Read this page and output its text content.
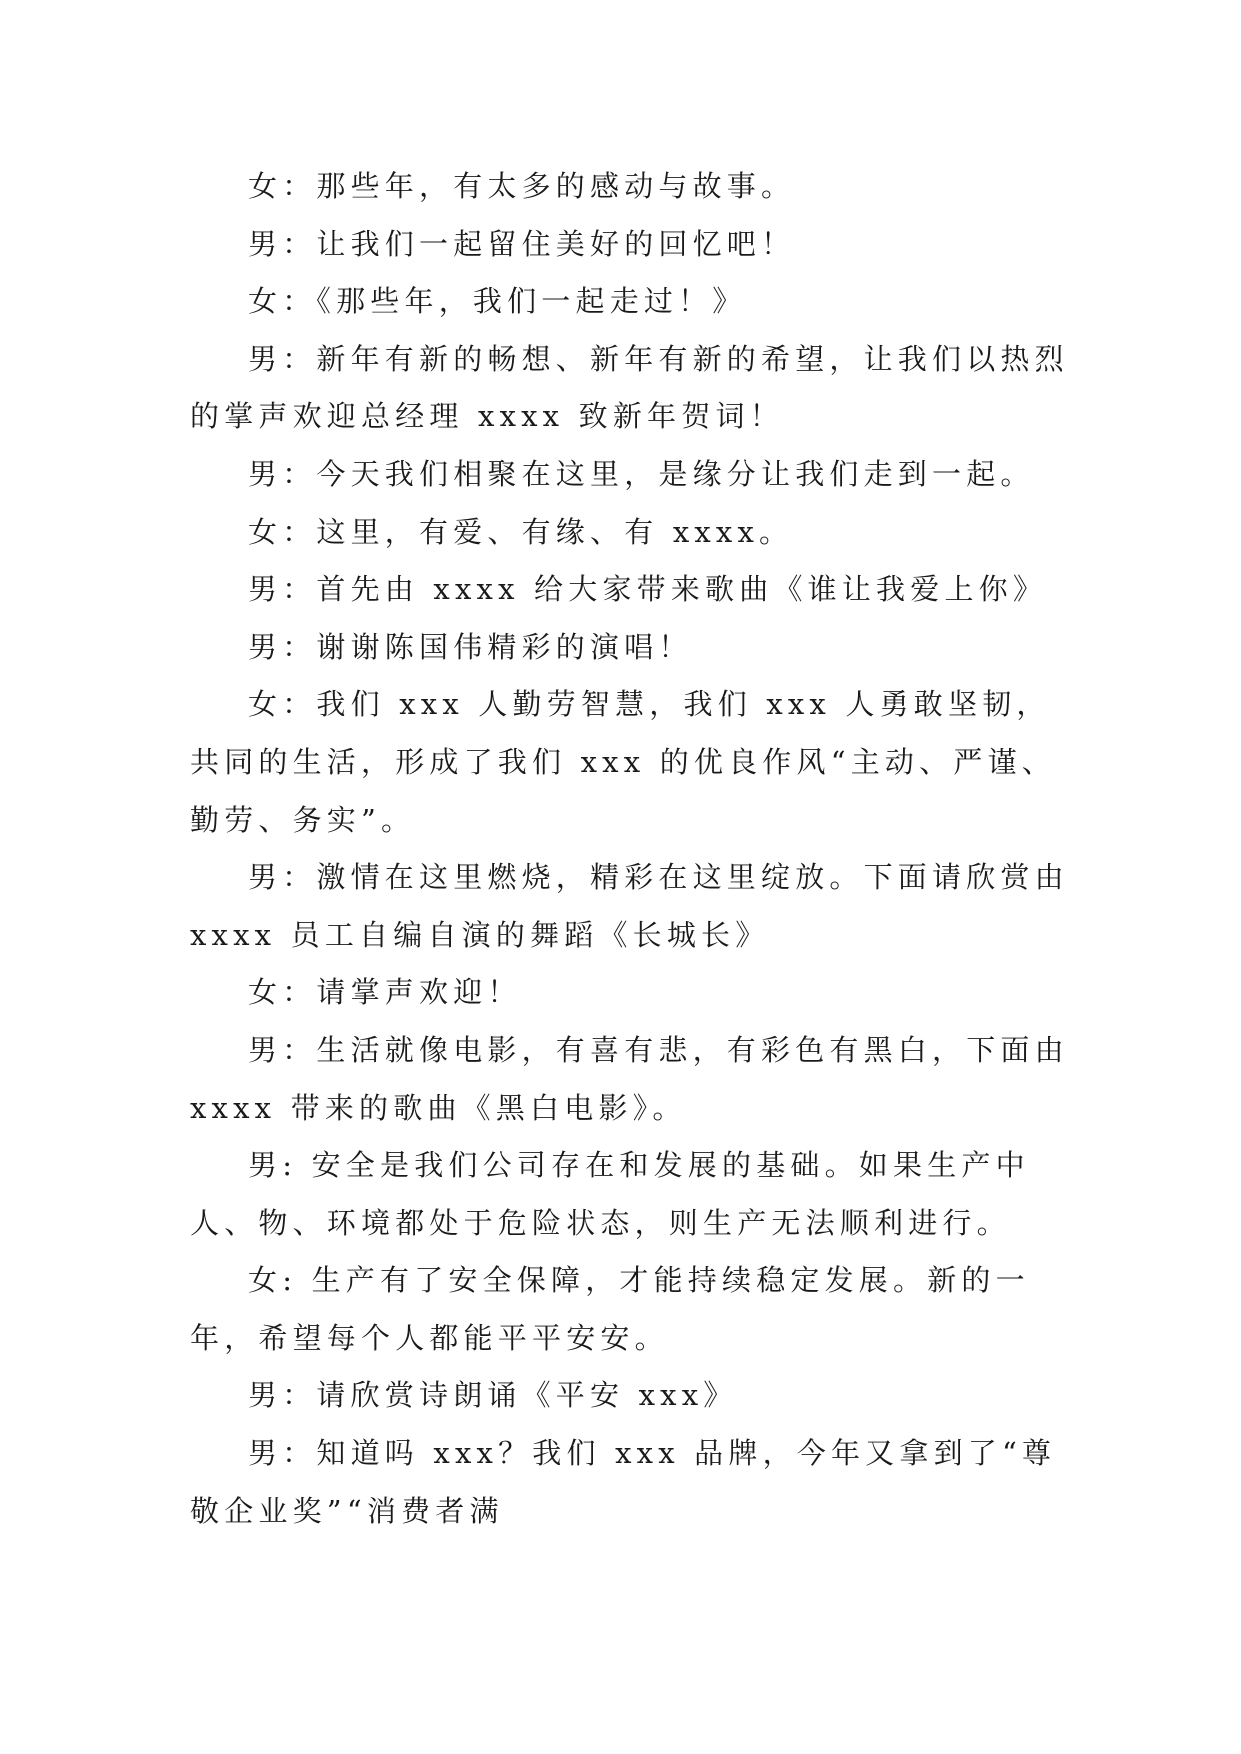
女：那些年，有太多的感动与故事。

男：让我们一起留住美好的回忆吧！

女：《那些年，我们一起走过！》

男：新年有新的畅想、新年有新的希望，让我们以热烈的掌声欢迎总经理 xxxx 致新年贺词！

男：今天我们相聚在这里，是缘分让我们走到一起。

女：这里，有爱、有缘、有 xxxx。

男：首先由 xxxx 给大家带来歌曲《谁让我爱上你》

男：谢谢陈国伟精彩的演唱！

女：我们 xxx 人勤劳智慧，我们 xxx 人勇敢坚韧，共同的生活，形成了我们 xxx 的优良作风“主动、严谨、勤劳、务实”。

男：激情在这里燃烧，精彩在这里绽放。下面请欣赏由 xxxx 员工自编自演的舞蹈《长城长》

女：请掌声欢迎！

男：生活就像电影，有喜有悲，有彩色有黑白，下面由 xxxx 带来的歌曲《黑白电影》。

男: 安全是我们公司存在和发展的基础。如果生产中人、物、环境都处于危险状态，则生产无法顺利进行。

女: 生产有了安全保障，才能持续稳定发展。新的一年，希望每个人都能平平安安。

男：请欣赏诗朗诵《平安 xxx》

男：知道吗 xxx？我们 xxx 品牌，今年又拿到了“尊敬企业奖”“消费者满
